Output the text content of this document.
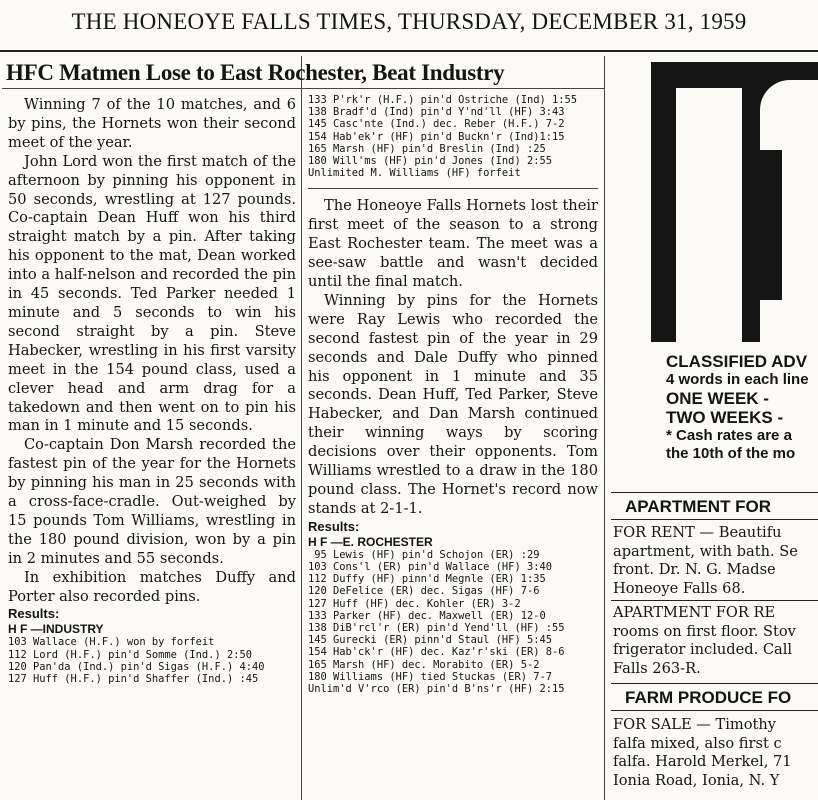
THE HONEOYE FALLS TIMES, THURSDAY, DECEMBER 31, 1959
HFC Matmen Lose to East Rochester, Beat Industry

Winning 7 of the 10 matches, and 6 by pins, the Hornets won their second meet of the year.

John Lord won the first match of the afternoon by pinning his opponent in 50 seconds, wrestling at 127 pounds. Co-captain Dean Huff won his third straight match by a pin. After taking his opponent to the mat, Dean worked into a half-nelson and recorded the pin in 45 seconds. Ted Parker needed 1 minute and 5 seconds to win his second straight by a pin. Steve Habecker, wrestling in his first varsity meet in the 154 pound class, used a clever head and arm drag for a takedown and then went on to pin his man in 1 minute and 15 seconds.

Co-captain Don Marsh recorded the fastest pin of the year for the Hornets by pinning his man in 25 seconds with a cross-face-cradle. Out-weighed by 15 pounds Tom Williams, wrestling in the 180 pound division, won by a pin in 2 minutes and 55 seconds.

In exhibition matches Duffy and Porter also recorded pins.

Results:
H F —INDUSTRY
103 Wallace (H.F.) won by forfeit
112 Lord (H.F.) pin'd Somme (Ind.) 2:50
120 Pan'da (Ind.) pin'd Sigas (H.F.) 4:40
127 Huff (H.F.) pin'd Shaffer (Ind.) :45
133 P'rk'r (H.F.) pin'd Ostriche (Ind) 1:55
138 Bradf'd (Ind) pin'd Y'nd'll (HF) 3:43
145 Casc'nte (Ind.) dec. Reber (H.F.) 7-2
154 Hab'ek'r (HF) pin'd Buckn'r (Ind)1:15
165 Marsh (HF) pin'd Breslin (Ind) :25
180 Will'ms (HF) pin'd Jones (Ind) 2:55
Unlimited M. Williams (HF) forfeit

The Honeoye Falls Hornets lost their first meet of the season to a strong East Rochester team. The meet was a see-saw battle and wasn't decided until the final match.

Winning by pins for the Hornets were Ray Lewis who recorded the second fastest pin of the year in 29 seconds and Dale Duffy who pinned his opponent in 1 minute and 35 seconds. Dean Huff, Ted Parker, Steve Habecker, and Dan Marsh continued their winning ways by scoring decisions over their opponents. Tom Williams wrestled to a draw in the 180 pound class. The Hornet's record now stands at 2-1-1.

Results:
H F —E. ROCHESTER
95 Lewis (HF) pin'd Schojon (ER) :29
103 Cons'l (ER) pin'd Wallace (HF) 3:40
112 Duffy (HF) pinn'd Megnle (ER) 1:35
120 DeFelice (ER) dec. Sigas (HF) 7-6
127 Huff (HF) dec. Kohler (ER) 3-2
133 Parker (HF) dec. Maxwell (ER) 12-0
138 DiB'rcl'r (ER) pin'd Yend'll (HF) :55
145 Gurecki (ER) pinn'd Staul (HF) 5:45
154 Hab'ck'r (HF) dec. Kaz'r'ski (ER) 8-6
165 Marsh (HF) dec. Morabito (ER) 5-2
180 Williams (HF) tied Stuckas (ER) 7-7
Unlim'd V'rco (ER) pin'd B'ns'r (HF) 2:15
CLASSIFIED ADV
4 words in each line
ONE WEEK -
TWO WEEKS -
* Cash rates are a
the 10th of the mo
APARTMENT FOR
FOR RENT — Beautifu
apartment, with bath. Se
front. Dr. N. G. Madse
Honeoye Falls 68.
APARTMENT FOR RE
rooms on first floor. Stov
frigerator included. Call
Falls 263-R.
FARM PRODUCE FO
FOR SALE — Timothy
falfa mixed, also first c
falfa. Harold Merkel, 71
Ionia Road, Ionia, N. Y
